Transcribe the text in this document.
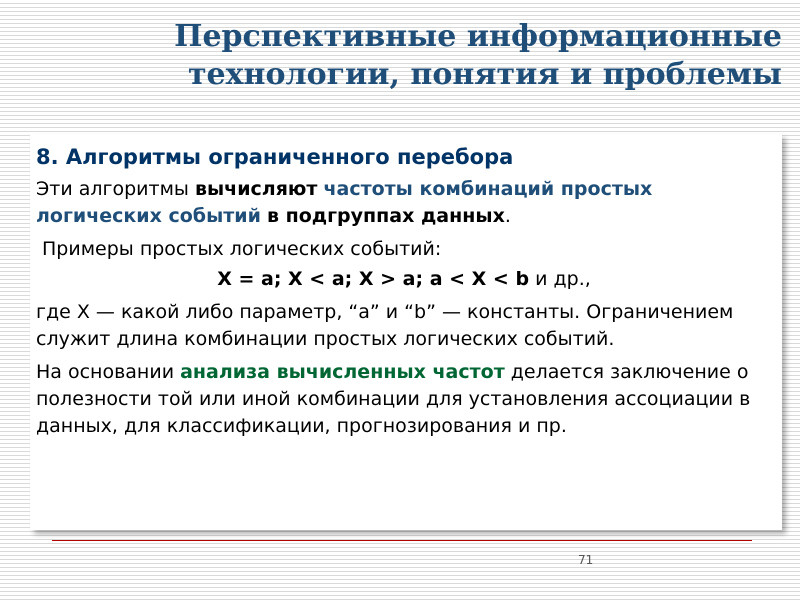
Перспективные информационные
технологии, понятия и проблемы

8. Алгоритмы ограниченного перебора

Эти алгоритмы вычисляют частоты комбинаций простых логических событий в подгруппах данных.

Примеры простых логических событий:

X = a; X < a; X > a; a < X < b и др.,

где X — какой либо параметр, “a” и “b” — константы. Ограничением служит длина комбинации простых логических событий.

На основании анализа вычисленных частот делается заключение о полезности той или иной комбинации для установления ассоциации в данных, для классификации, прогнозирования и пр.

71
